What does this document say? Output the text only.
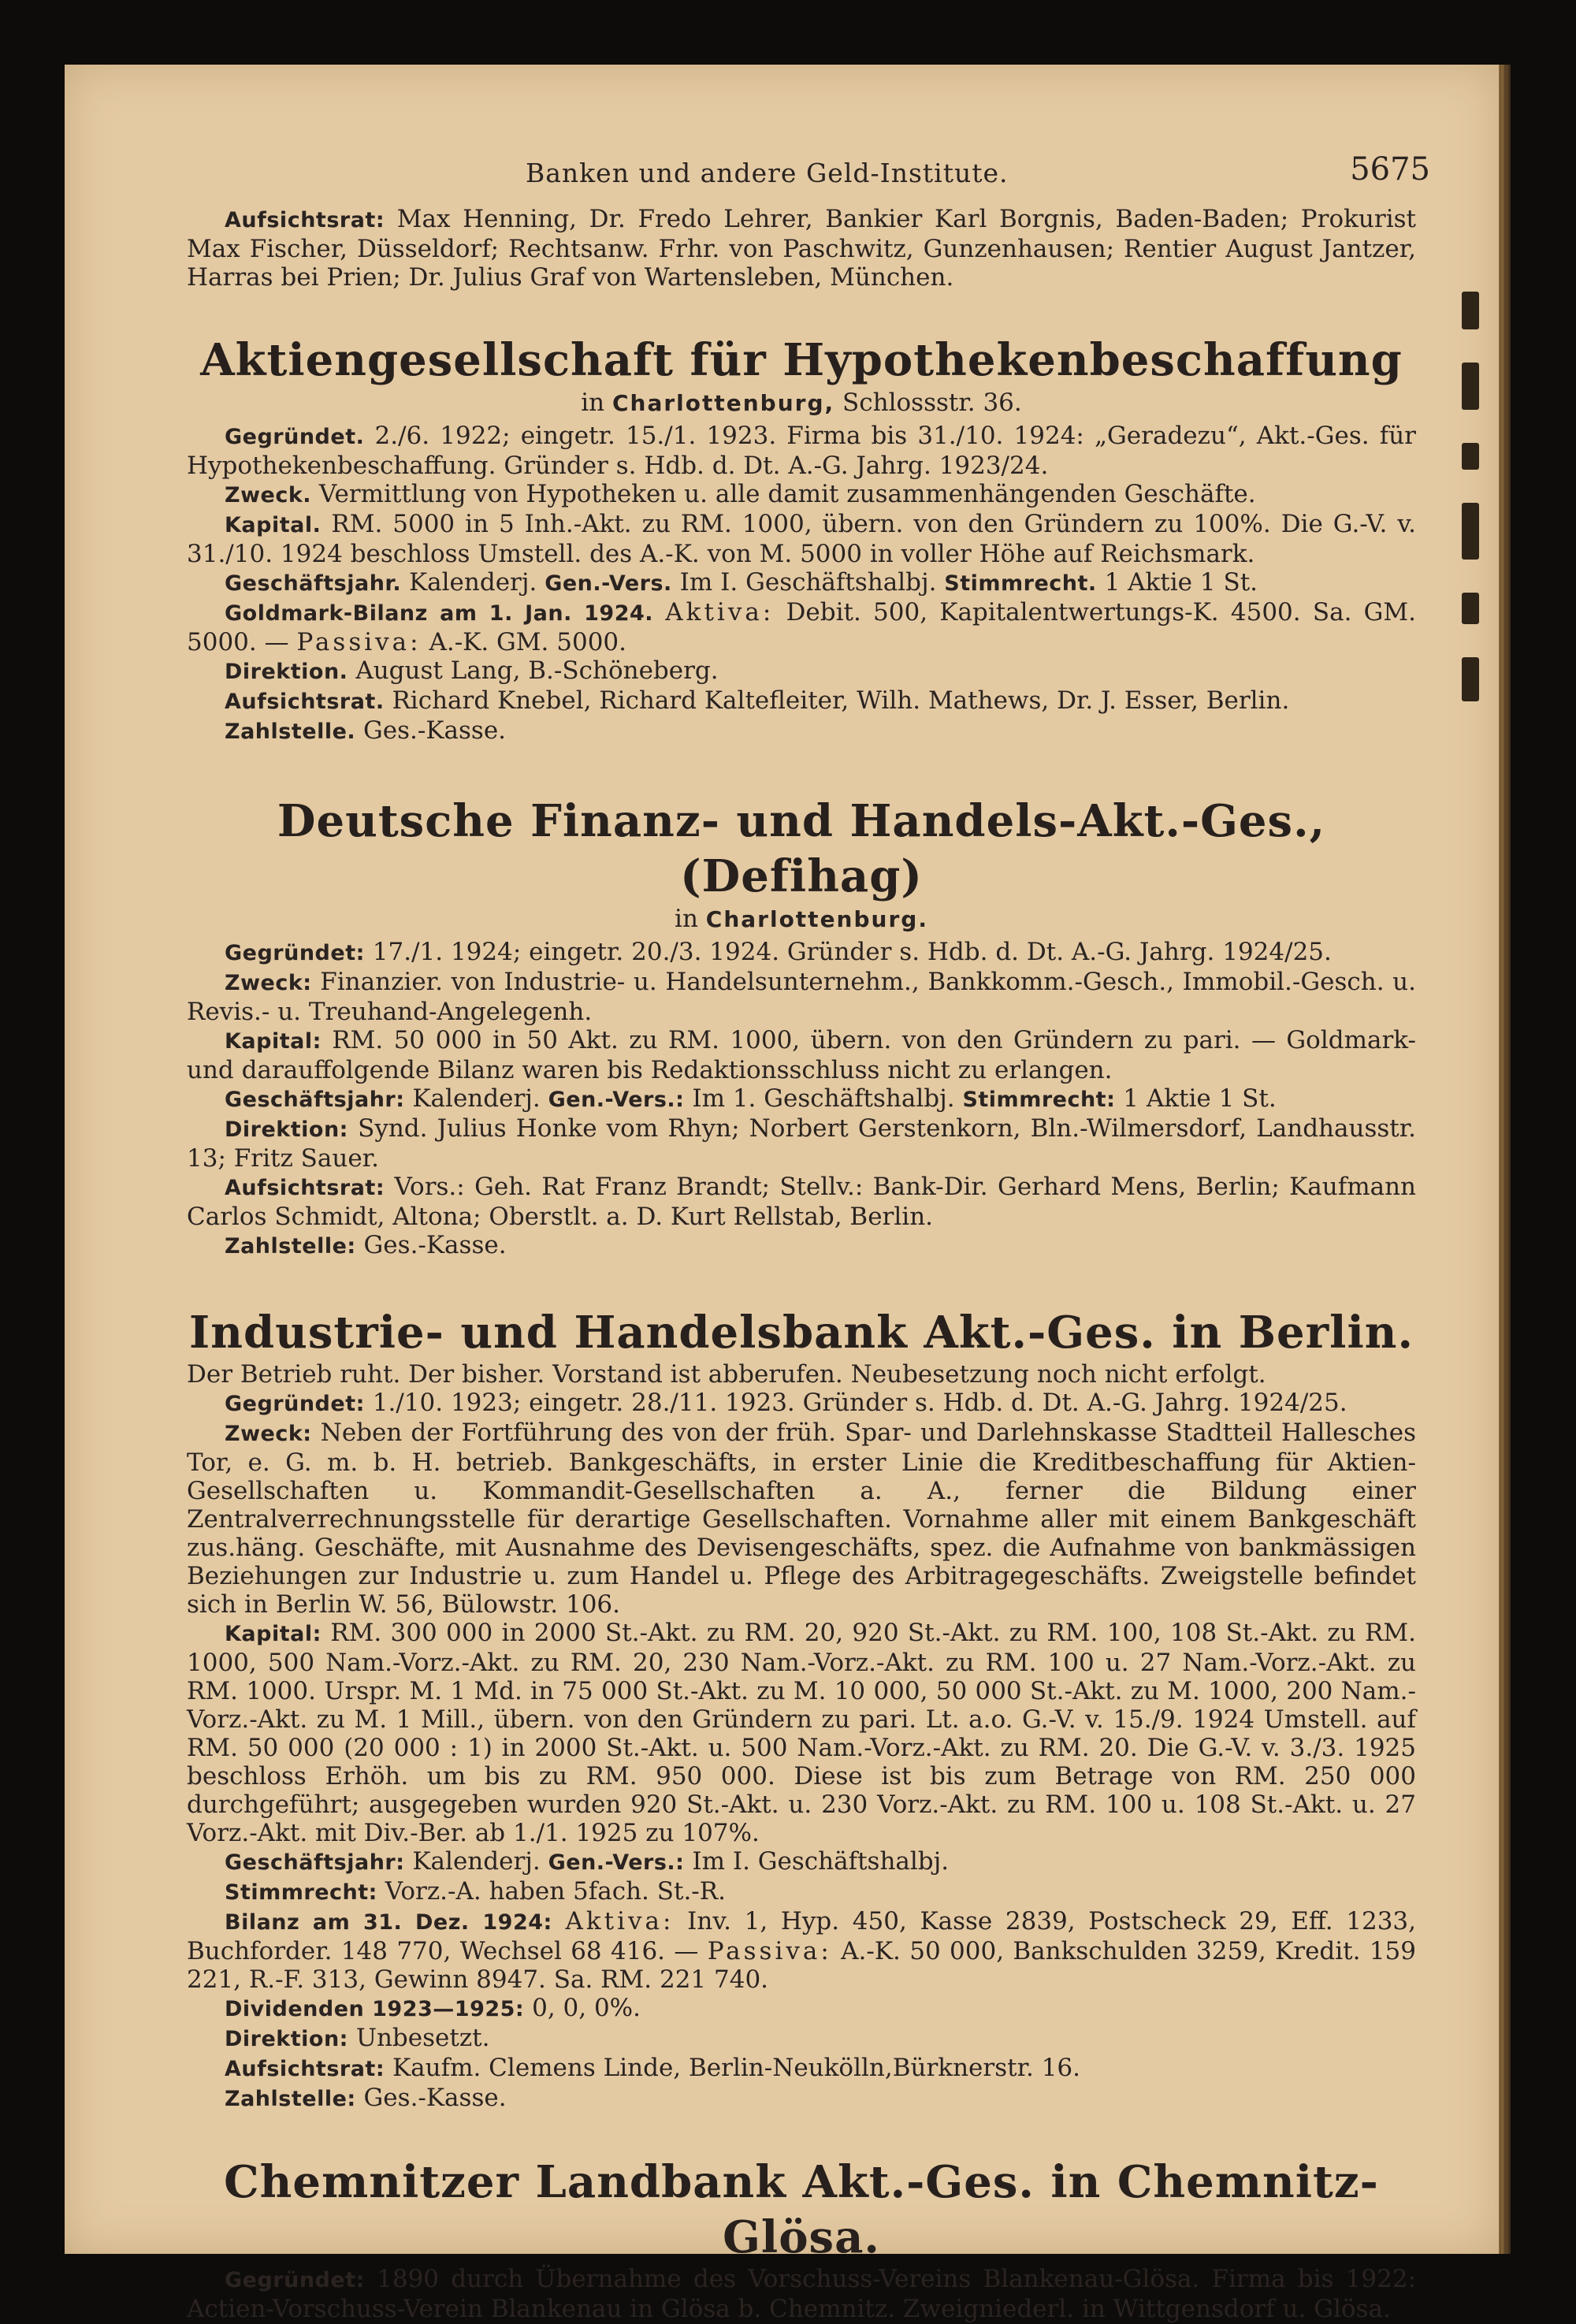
Banken und andere Geld-Institute.	5675

Aufsichtsrat: Max Henning, Dr. Fredo Lehrer, Bankier Karl Borgnis, Baden-Baden; Prokurist Max Fischer, Düsseldorf; Rechtsanw. Frhr. von Paschwitz, Gunzenhausen; Rentier August Jantzer, Harras bei Prien; Dr. Julius Graf von Wartensleben, München.

Aktiengesellschaft für Hypothekenbeschaffung
in Charlottenburg, Schlossstr. 36.

Gegründet. 2./6. 1922; eingetr. 15./1. 1923. Firma bis 31./10. 1924: „Geradezu“, Akt.-Ges. für Hypothekenbeschaffung. Gründer s. Hdb. d. Dt. A.-G. Jahrg. 1923/24.

Zweck. Vermittlung von Hypotheken u. alle damit zusammenhängenden Geschäfte.

Kapital. RM. 5000 in 5 Inh.-Akt. zu RM. 1000, übern. von den Gründern zu 100%. Die G.-V. v. 31./10. 1924 beschloss Umstell. des A.-K. von M. 5000 in voller Höhe auf Reichsmark.

Geschäftsjahr. Kalenderj. Gen.-Vers. Im I. Geschäftshalbj. Stimmrecht. 1 Aktie 1 St.

Goldmark-Bilanz am 1. Jan. 1924. Aktiva: Debit. 500, Kapitalentwertungs-K. 4500. Sa. GM. 5000. — Passiva: A.-K. GM. 5000.

Direktion. August Lang, B.-Schöneberg.

Aufsichtsrat. Richard Knebel, Richard Kaltefleiter, Wilh. Mathews, Dr. J. Esser, Berlin.

Zahlstelle. Ges.-Kasse.

Deutsche Finanz- und Handels-Akt.-Ges., (Defihag)
in Charlottenburg.

Gegründet: 17./1. 1924; eingetr. 20./3. 1924. Gründer s. Hdb. d. Dt. A.-G. Jahrg. 1924/25.

Zweck: Finanzier. von Industrie- u. Handelsunternehm., Bankkomm.-Gesch., Immobil.-Gesch. u. Revis.- u. Treuhand-Angelegenh.

Kapital: RM. 50 000 in 50 Akt. zu RM. 1000, übern. von den Gründern zu pari. — Goldmark- und darauffolgende Bilanz waren bis Redaktionsschluss nicht zu erlangen.

Geschäftsjahr: Kalenderj. Gen.-Vers.: Im 1. Geschäftshalbj. Stimmrecht: 1 Aktie 1 St.

Direktion: Synd. Julius Honke vom Rhyn; Norbert Gerstenkorn, Bln.-Wilmersdorf, Landhausstr. 13; Fritz Sauer.

Aufsichtsrat: Vors.: Geh. Rat Franz Brandt; Stellv.: Bank-Dir. Gerhard Mens, Berlin; Kaufmann Carlos Schmidt, Altona; Oberstlt. a. D. Kurt Rellstab, Berlin.

Zahlstelle: Ges.-Kasse.

Industrie- und Handelsbank Akt.-Ges. in Berlin.

Der Betrieb ruht. Der bisher. Vorstand ist abberufen. Neubesetzung noch nicht erfolgt.

Gegründet: 1./10. 1923; eingetr. 28./11. 1923. Gründer s. Hdb. d. Dt. A.-G. Jahrg. 1924/25.

Zweck: Neben der Fortführung des von der früh. Spar- und Darlehnskasse Stadtteil Hallesches Tor, e. G. m. b. H. betrieb. Bankgeschäfts, in erster Linie die Kreditbeschaffung für Aktien-Gesellschaften u. Kommandit-Gesellschaften a. A., ferner die Bildung einer Zentralverrechnungsstelle für derartige Gesellschaften. Vornahme aller mit einem Bankgeschäft zus.häng. Geschäfte, mit Ausnahme des Devisengeschäfts, spez. die Aufnahme von bankmässigen Beziehungen zur Industrie u. zum Handel u. Pflege des Arbitragegeschäfts. Zweigstelle befindet sich in Berlin W. 56, Bülowstr. 106.

Kapital: RM. 300 000 in 2000 St.-Akt. zu RM. 20, 920 St.-Akt. zu RM. 100, 108 St.-Akt. zu RM. 1000, 500 Nam.-Vorz.-Akt. zu RM. 20, 230 Nam.-Vorz.-Akt. zu RM. 100 u. 27 Nam.-Vorz.-Akt. zu RM. 1000. Urspr. M. 1 Md. in 75 000 St.-Akt. zu M. 10 000, 50 000 St.-Akt. zu M. 1000, 200 Nam.-Vorz.-Akt. zu M. 1 Mill., übern. von den Gründern zu pari. Lt. a.o. G.-V. v. 15./9. 1924 Umstell. auf RM. 50 000 (20 000 : 1) in 2000 St.-Akt. u. 500 Nam.-Vorz.-Akt. zu RM. 20. Die G.-V. v. 3./3. 1925 beschloss Erhöh. um bis zu RM. 950 000. Diese ist bis zum Betrage von RM. 250 000 durchgeführt; ausgegeben wurden 920 St.-Akt. u. 230 Vorz.-Akt. zu RM. 100 u. 108 St.-Akt. u. 27 Vorz.-Akt. mit Div.-Ber. ab 1./1. 1925 zu 107%.

Geschäftsjahr: Kalenderj. Gen.-Vers.: Im I. Geschäftshalbj.

Stimmrecht: Vorz.-A. haben 5fach. St.-R.

Bilanz am 31. Dez. 1924: Aktiva: Inv. 1, Hyp. 450, Kasse 2839, Postscheck 29, Eff. 1233, Buchforder. 148 770, Wechsel 68 416. — Passiva: A.-K. 50 000, Bankschulden 3259, Kredit. 159 221, R.-F. 313, Gewinn 8947. Sa. RM. 221 740.

Dividenden 1923—1925: 0, 0, 0%.

Direktion: Unbesetzt.

Aufsichtsrat: Kaufm. Clemens Linde, Berlin-Neukölln,Bürknerstr. 16.

Zahlstelle: Ges.-Kasse.

Chemnitzer Landbank Akt.-Ges. in Chemnitz-Glösa.

Gegründet: 1890 durch Übernahme des Vorschuss-Vereins Blankenau-Glösa. Firma bis 1922: Actien-Vorschuss-Verein Blankenau in Glösa b. Chemnitz. Zweigniederl. in Wittgensdorf u. Glösa.
